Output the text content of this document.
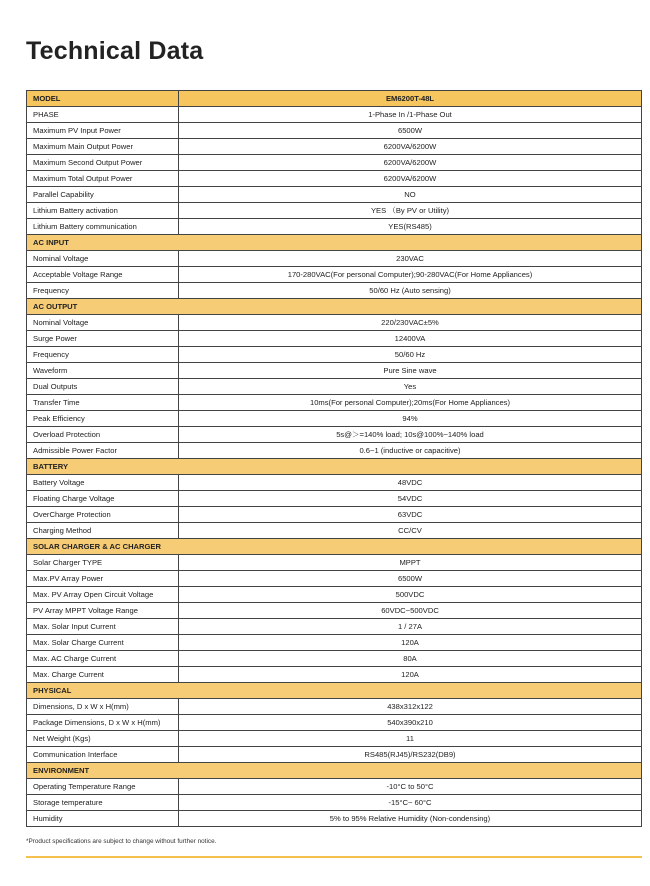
Technical Data
MODEL	EM6200T-48L
PHASE	1-Phase In /1-Phase Out
Maximum PV Input Power	6500W
Maximum Main Output Power	6200VA/6200W
Maximum Second Output Power	6200VA/6200W
Maximum Total Output Power	6200VA/6200W
Parallel Capability	NO
Lithium Battery activation	YES （By PV or Utility)
Lithium Battery communication	YES(RS485)
AC INPUT	
Nominal Voltage	230VAC
Acceptable Voltage Range	170-280VAC(For personal Computer);90-280VAC(For Home Appliances)
Frequency	50/60 Hz (Auto sensing)
AC OUTPUT	
Nominal Voltage	220/230VAC±5%
Surge Power	12400VA
Frequency	50/60 Hz
Waveform	Pure Sine wave
Dual Outputs	Yes
Transfer Time	10ms(For personal Computer);20ms(For Home Appliances)
Peak Efficiency	94%
Overload Protection	5s@＞=140% load; 10s@100%~140% load
Admissible Power Factor	0.6~1 (inductive or capacitive)
BATTERY	
Battery Voltage	48VDC
Floating Charge Voltage	54VDC
OverCharge Protection	63VDC
Charging Method	CC/CV
SOLAR CHARGER & AC CHARGER	
Solar Charger TYPE	MPPT
Max.PV Array Power	6500W
Max. PV Array Open Circuit Voltage	500VDC
PV Array MPPT Voltage Range	60VDC~500VDC
Max. Solar Input Current	1 / 27A
Max. Solar Charge Current	120A
Max. AC Charge Current	80A
Max. Charge Current	120A
PHYSICAL	
Dimensions, D x W x H(mm)	438x312x122
Package Dimensions, D x W x H(mm)	540x390x210
Net Weight (Kgs)	11
Communication Interface	RS485(RJ45)/RS232(DB9)
ENVIRONMENT	
Operating Temperature Range	-10°C to 50°C
Storage temperature	-15°C~ 60°C
Humidity	5% to 95% Relative Humidity (Non-condensing)
*Product specifications are subject to change without further notice.
